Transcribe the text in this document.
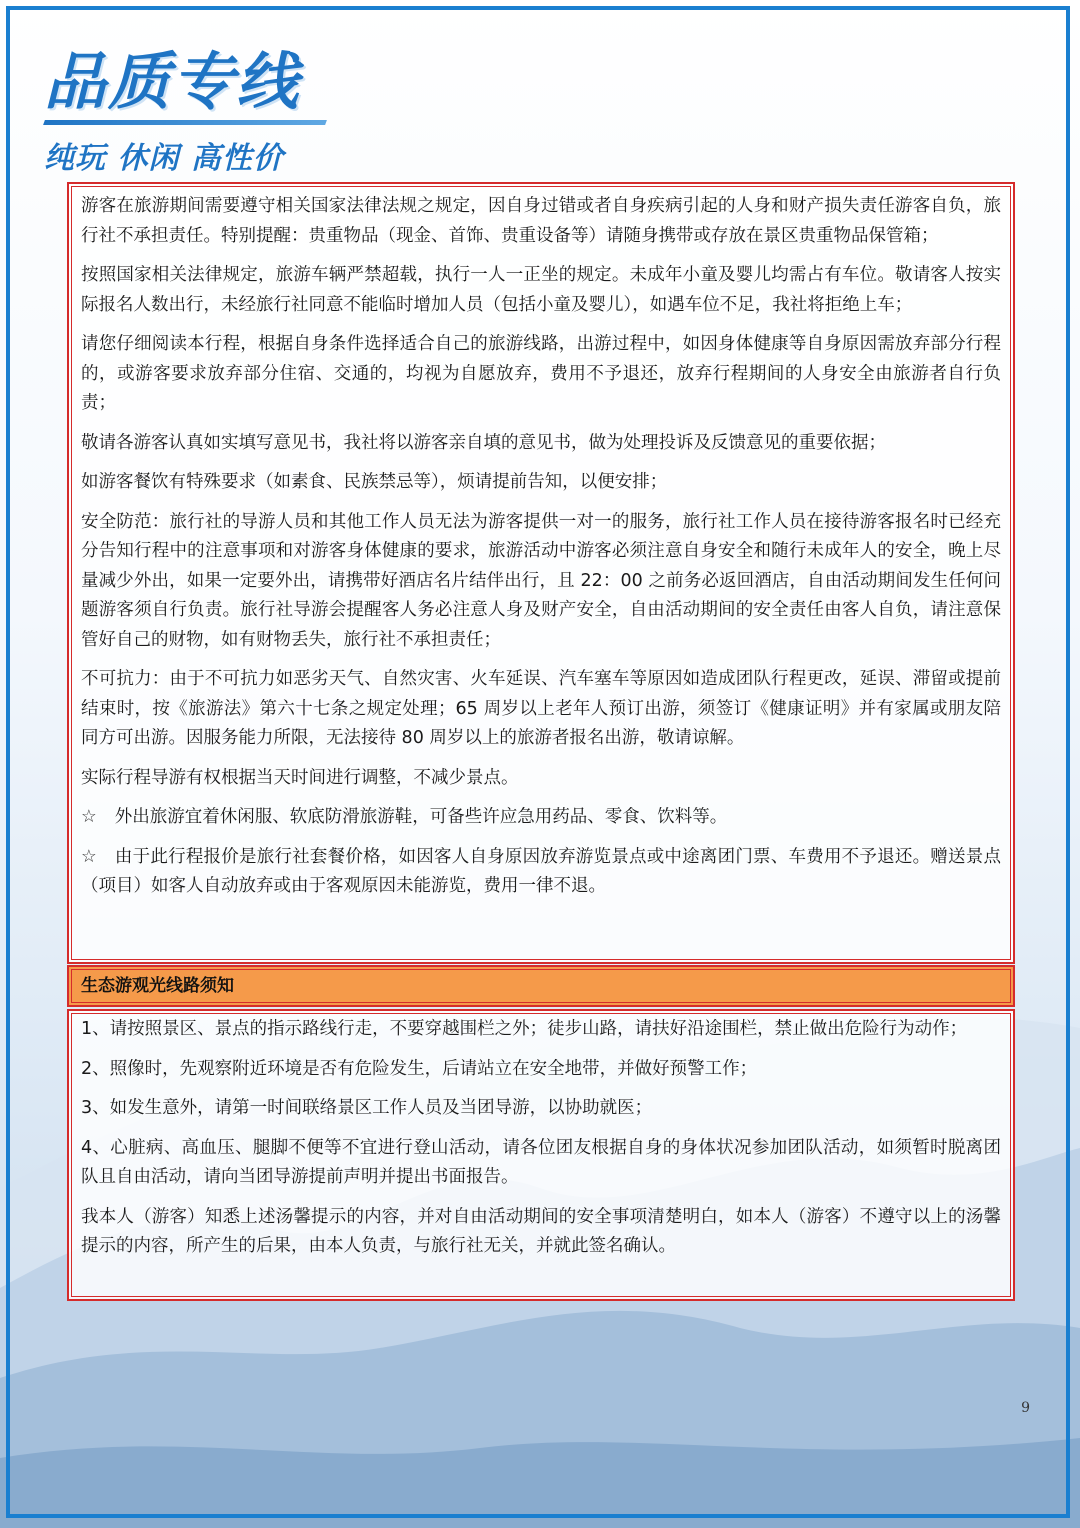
品质专线
纯玩 休闲 高性价

游客在旅游期间需要遵守相关国家法律法规之规定，因自身过错或者自身疾病引起的人身和财产损失责任游客自负，旅行社不承担责任。特别提醒：贵重物品（现金、首饰、贵重设备等）请随身携带或存放在景区贵重物品保管箱；

按照国家相关法律规定，旅游车辆严禁超载，执行一人一正坐的规定。未成年小童及婴儿均需占有车位。敬请客人按实际报名人数出行，未经旅行社同意不能临时增加人员（包括小童及婴儿），如遇车位不足，我社将拒绝上车；

请您仔细阅读本行程，根据自身条件选择适合自己的旅游线路，出游过程中，如因身体健康等自身原因需放弃部分行程的，或游客要求放弃部分住宿、交通的，均视为自愿放弃，费用不予退还，放弃行程期间的人身安全由旅游者自行负责；

敬请各游客认真如实填写意见书，我社将以游客亲自填的意见书，做为处理投诉及反馈意见的重要依据；

如游客餐饮有特殊要求（如素食、民族禁忌等），烦请提前告知，以便安排；

安全防范：旅行社的导游人员和其他工作人员无法为游客提供一对一的服务，旅行社工作人员在接待游客报名时已经充分告知行程中的注意事项和对游客身体健康的要求，旅游活动中游客必须注意自身安全和随行未成年人的安全，晚上尽量减少外出，如果一定要外出，请携带好酒店名片结伴出行，且 22：00 之前务必返回酒店，自由活动期间发生任何问题游客须自行负责。旅行社导游会提醒客人务必注意人身及财产安全，自由活动期间的安全责任由客人自负，请注意保管好自己的财物，如有财物丢失，旅行社不承担责任；

不可抗力：由于不可抗力如恶劣天气、自然灾害、火车延误、汽车塞车等原因如造成团队行程更改，延误、滞留或提前结束时，按《旅游法》第六十七条之规定处理；65 周岁以上老年人预订出游，须签订《健康证明》并有家属或朋友陪同方可出游。因服务能力所限，无法接待 80 周岁以上的旅游者报名出游，敬请谅解。

实际行程导游有权根据当天时间进行调整，不减少景点。

☆ 外出旅游宜着休闲服、软底防滑旅游鞋，可备些许应急用药品、零食、饮料等。

☆ 由于此行程报价是旅行社套餐价格，如因客人自身原因放弃游览景点或中途离团门票、车费用不予退还。赠送景点（项目）如客人自动放弃或由于客观原因未能游览，费用一律不退。

生态游观光线路须知

1、请按照景区、景点的指示路线行走，不要穿越围栏之外；徒步山路，请扶好沿途围栏，禁止做出危险行为动作；

2、照像时，先观察附近环境是否有危险发生，后请站立在安全地带，并做好预警工作；

3、如发生意外，请第一时间联络景区工作人员及当团导游，以协助就医；

4、心脏病、高血压、腿脚不便等不宜进行登山活动，请各位团友根据自身的身体状况参加团队活动，如须暂时脱离团队且自由活动，请向当团导游提前声明并提出书面报告。

我本人（游客）知悉上述汤馨提示的内容，并对自由活动期间的安全事项清楚明白，如本人（游客）不遵守以上的汤馨提示的内容，所产生的后果，由本人负责，与旅行社无关，并就此签名确认。

9
